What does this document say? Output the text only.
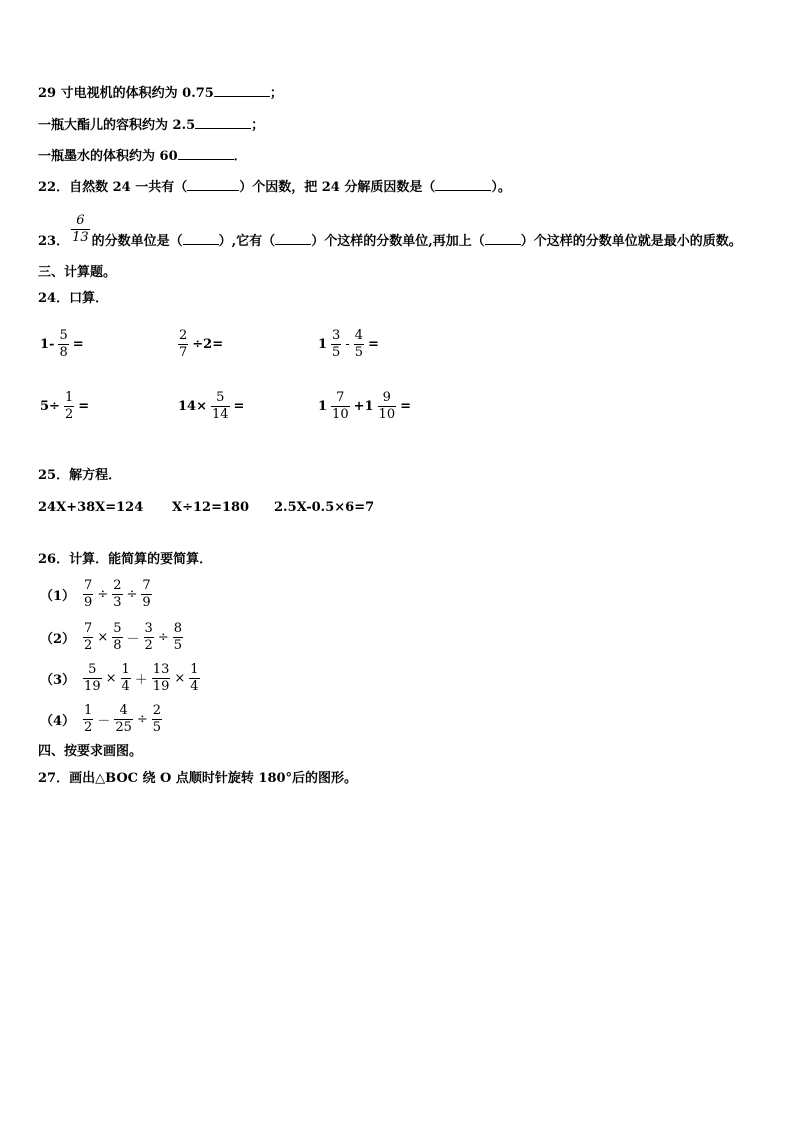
29 寸电视机的体积约为 0.75	；
一瓶大酯儿的容积约为 2.5	；
一瓶墨水的体积约为 60	．
22．自然数 24 一共有（	）个因数，把 24 分解质因数是（	）。
23． $\frac{6}{13}$ 的分数单位是（	）,它有（	）个这样的分数单位,再加上（	）个这样的分数单位就是最小的质数。
三、计算题。
24．口算．
$1- \frac{5}{8}$ =	$\frac{2}{7} \div 2=$	$1 \frac{3}{5} - \frac{4}{5}$ =
$5\div \frac{1}{2}$ =	$14\times \frac{5}{14}$ =	$1 \frac{7}{10} +1 \frac{9}{10}$ =
25．解方程．
24X+38X=124 X÷12=180 2.5X-0.5×6=7
26．计算．能简算的要简算．
$(1) \frac{7}{9} \div \frac{2}{3} \div \frac{7}{9}$
$(2) \frac{7}{2} \times \frac{5}{8} - \frac{3}{2} \div \frac{8}{5}$
$(3) \frac{5}{19} \times \frac{1}{4} + \frac{13}{19} \times \frac{1}{4}$
$(4) \frac{1}{2} - \frac{4}{25} \div \frac{2}{5}$
四、按要求画图。
27．画出△BOC 绕 O 点顺时针旋转 180°后的图形。
